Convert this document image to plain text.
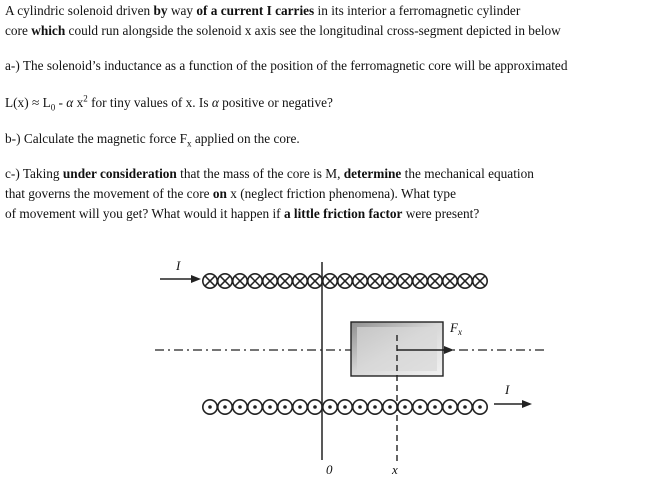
A cylindric solenoid driven by way of a current I carries in its interior a ferromagnetic cylinder
core which could run alongside the solenoid x axis see the longitudinal cross-segment depicted in below
a-) The solenoid’s inductance as a function of the position of the ferromagnetic core will be approximated
$L(x) \approx L_0 - \alpha$ $x^2$ for tiny values of x. Is α positive or negative?
b-) Calculate the magnetic force $F_x$ applied on the core.
c-) Taking under consideration that the mass of the core is M, determine the mechanical equation
that governs the movement of the core on x (neglect friction phenomena). What type
of movement will you get? What would it happen if a little friction factor were present?
$F_x$
I
I
0	x
